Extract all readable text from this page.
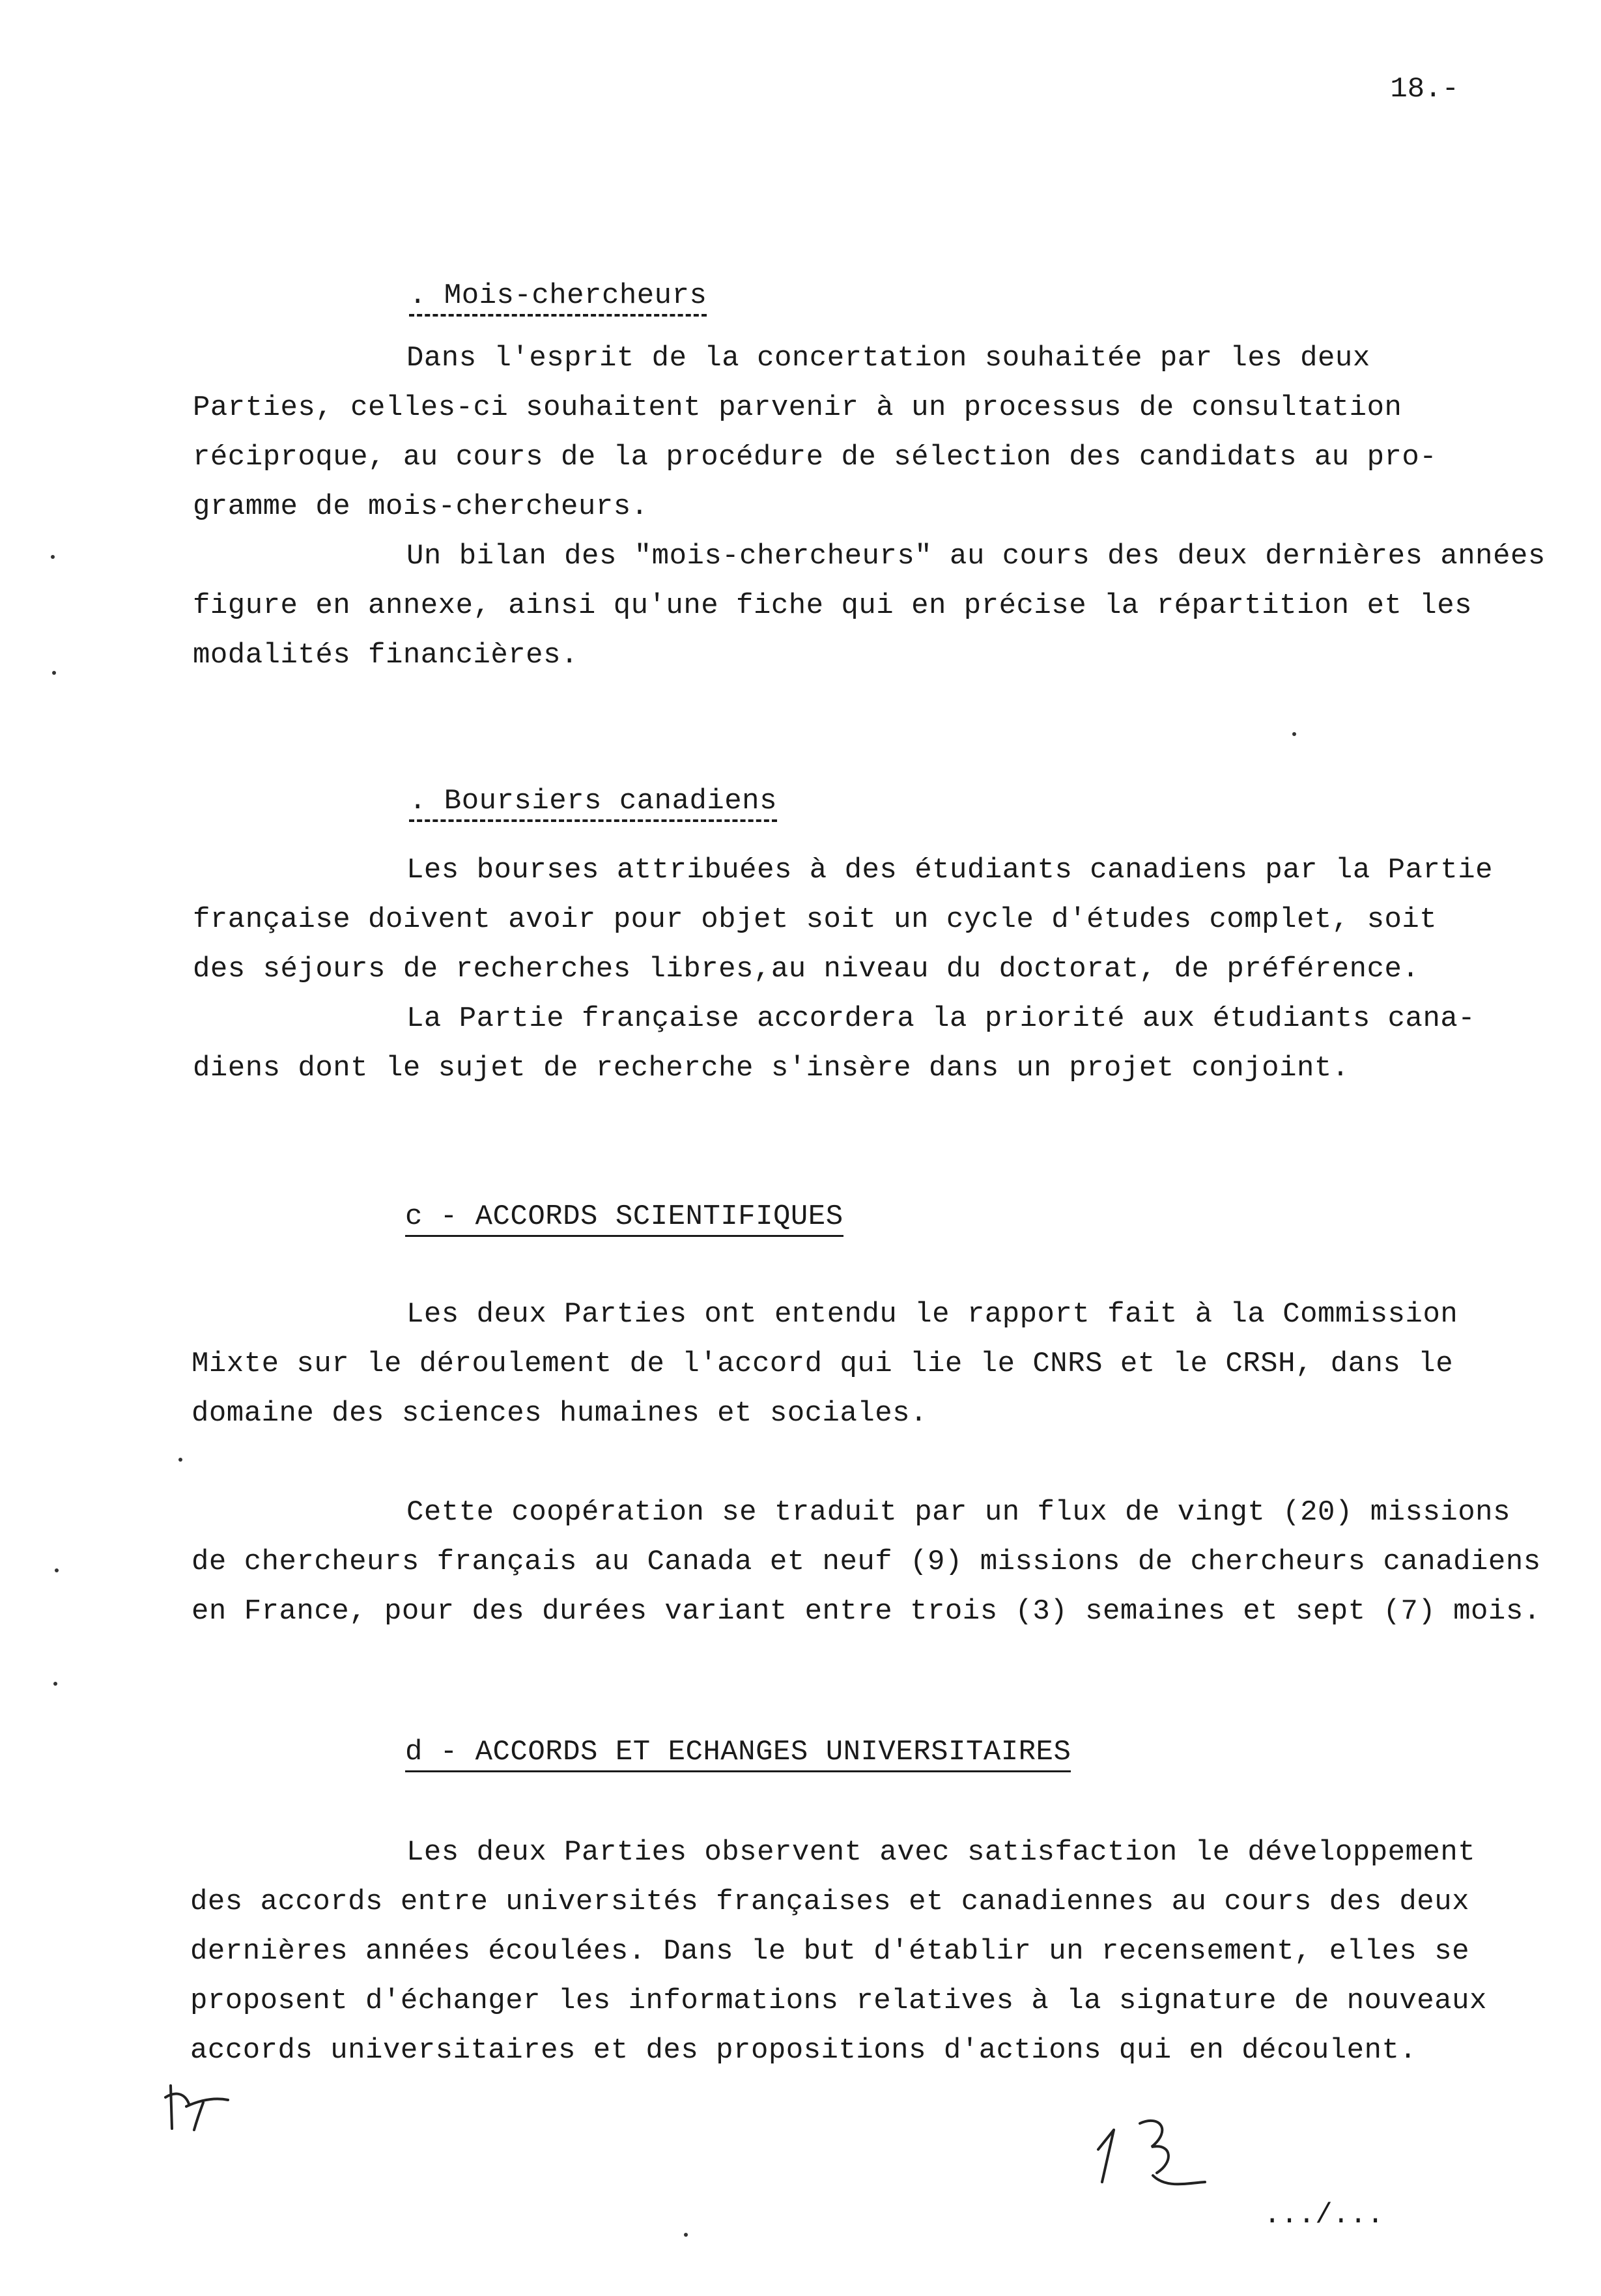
18.-
. Mois-chercheurs
Dans l'esprit de la concertation souhaitée par les deux
Parties, celles-ci souhaitent parvenir à un processus de consultation
réciproque, au cours de la procédure de sélection des candidats au pro-
gramme de mois-chercheurs.
Un bilan des "mois-chercheurs" au cours des deux dernières années
figure en annexe, ainsi qu'une fiche qui en précise la répartition et les
modalités financières.
. Boursiers canadiens
Les bourses attribuées à des étudiants canadiens par la Partie
française doivent avoir pour objet soit un cycle d'études complet, soit
des séjours de recherches libres,au niveau du doctorat, de préférence.
La Partie française accordera la priorité aux étudiants cana-
diens dont le sujet de recherche s'insère dans un projet conjoint.
c - ACCORDS SCIENTIFIQUES
Les deux Parties ont entendu le rapport fait à la Commission
Mixte sur le déroulement de l'accord qui lie le CNRS et le CRSH, dans le
domaine des sciences humaines et sociales.
Cette coopération se traduit par un flux de vingt (20) missions
de chercheurs français au Canada et neuf (9) missions de chercheurs canadiens
en France, pour des durées variant entre trois (3) semaines et sept (7) mois.
d - ACCORDS ET ECHANGES UNIVERSITAIRES
Les deux Parties observent avec satisfaction le développement
des accords entre universités françaises et canadiennes au cours des deux
dernières années écoulées. Dans le but d'établir un recensement, elles se
proposent d'échanger les informations relatives à la signature de nouveaux
accords universitaires et des propositions d'actions qui en découlent.
.../...
